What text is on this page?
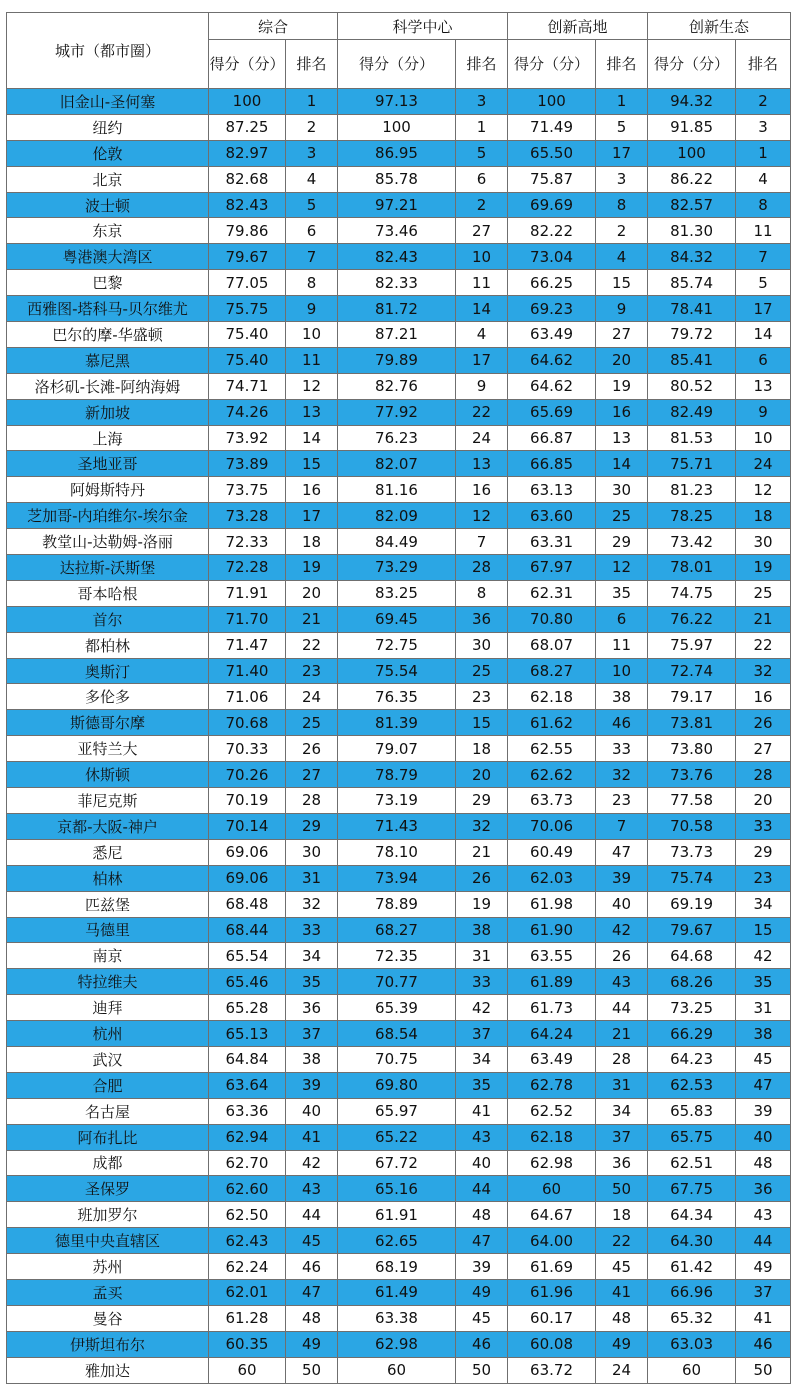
城市（都市圈）	综合		科学中心		创新高地		创新生态	
	得分（分）	排名	得分（分）	排名	得分（分）	排名	得分（分）	排名
旧金山-圣何塞	100	1	97.13	3	100	1	94.32	2
纽约	87.25	2	100	1	71.49	5	91.85	3
伦敦	82.97	3	86.95	5	65.50	17	100	1
北京	82.68	4	85.78	6	75.87	3	86.22	4
波士顿	82.43	5	97.21	2	69.69	8	82.57	8
东京	79.86	6	73.46	27	82.22	2	81.30	11
粤港澳大湾区	79.67	7	82.43	10	73.04	4	84.32	7
巴黎	77.05	8	82.33	11	66.25	15	85.74	5
西雅图-塔科马-贝尔维尤	75.75	9	81.72	14	69.23	9	78.41	17
巴尔的摩-华盛顿	75.40	10	87.21	4	63.49	27	79.72	14
慕尼黑	75.40	11	79.89	17	64.62	20	85.41	6
洛杉矶-长滩-阿纳海姆	74.71	12	82.76	9	64.62	19	80.52	13
新加坡	74.26	13	77.92	22	65.69	16	82.49	9
上海	73.92	14	76.23	24	66.87	13	81.53	10
圣地亚哥	73.89	15	82.07	13	66.85	14	75.71	24
阿姆斯特丹	73.75	16	81.16	16	63.13	30	81.23	12
芝加哥-内珀维尔-埃尔金	73.28	17	82.09	12	63.60	25	78.25	18
教堂山-达勒姆-洛丽	72.33	18	84.49	7	63.31	29	73.42	30
达拉斯-沃斯堡	72.28	19	73.29	28	67.97	12	78.01	19
哥本哈根	71.91	20	83.25	8	62.31	35	74.75	25
首尔	71.70	21	69.45	36	70.80	6	76.22	21
都柏林	71.47	22	72.75	30	68.07	11	75.97	22
奥斯汀	71.40	23	75.54	25	68.27	10	72.74	32
多伦多	71.06	24	76.35	23	62.18	38	79.17	16
斯德哥尔摩	70.68	25	81.39	15	61.62	46	73.81	26
亚特兰大	70.33	26	79.07	18	62.55	33	73.80	27
休斯顿	70.26	27	78.79	20	62.62	32	73.76	28
菲尼克斯	70.19	28	73.19	29	63.73	23	77.58	20
京都-大阪-神户	70.14	29	71.43	32	70.06	7	70.58	33
悉尼	69.06	30	78.10	21	60.49	47	73.73	29
柏林	69.06	31	73.94	26	62.03	39	75.74	23
匹兹堡	68.48	32	78.89	19	61.98	40	69.19	34
马德里	68.44	33	68.27	38	61.90	42	79.67	15
南京	65.54	34	72.35	31	63.55	26	64.68	42
特拉维夫	65.46	35	70.77	33	61.89	43	68.26	35
迪拜	65.28	36	65.39	42	61.73	44	73.25	31
杭州	65.13	37	68.54	37	64.24	21	66.29	38
武汉	64.84	38	70.75	34	63.49	28	64.23	45
合肥	63.64	39	69.80	35	62.78	31	62.53	47
名古屋	63.36	40	65.97	41	62.52	34	65.83	39
阿布扎比	62.94	41	65.22	43	62.18	37	65.75	40
成都	62.70	42	67.72	40	62.98	36	62.51	48
圣保罗	62.60	43	65.16	44	60	50	67.75	36
班加罗尔	62.50	44	61.91	48	64.67	18	64.34	43
德里中央直辖区	62.43	45	62.65	47	64.00	22	64.30	44
苏州	62.24	46	68.19	39	61.69	45	61.42	49
孟买	62.01	47	61.49	49	61.96	41	66.96	37
曼谷	61.28	48	63.38	45	60.17	48	65.32	41
伊斯坦布尔	60.35	49	62.98	46	60.08	49	63.03	46
雅加达	60	50	60	50	63.72	24	60	50
